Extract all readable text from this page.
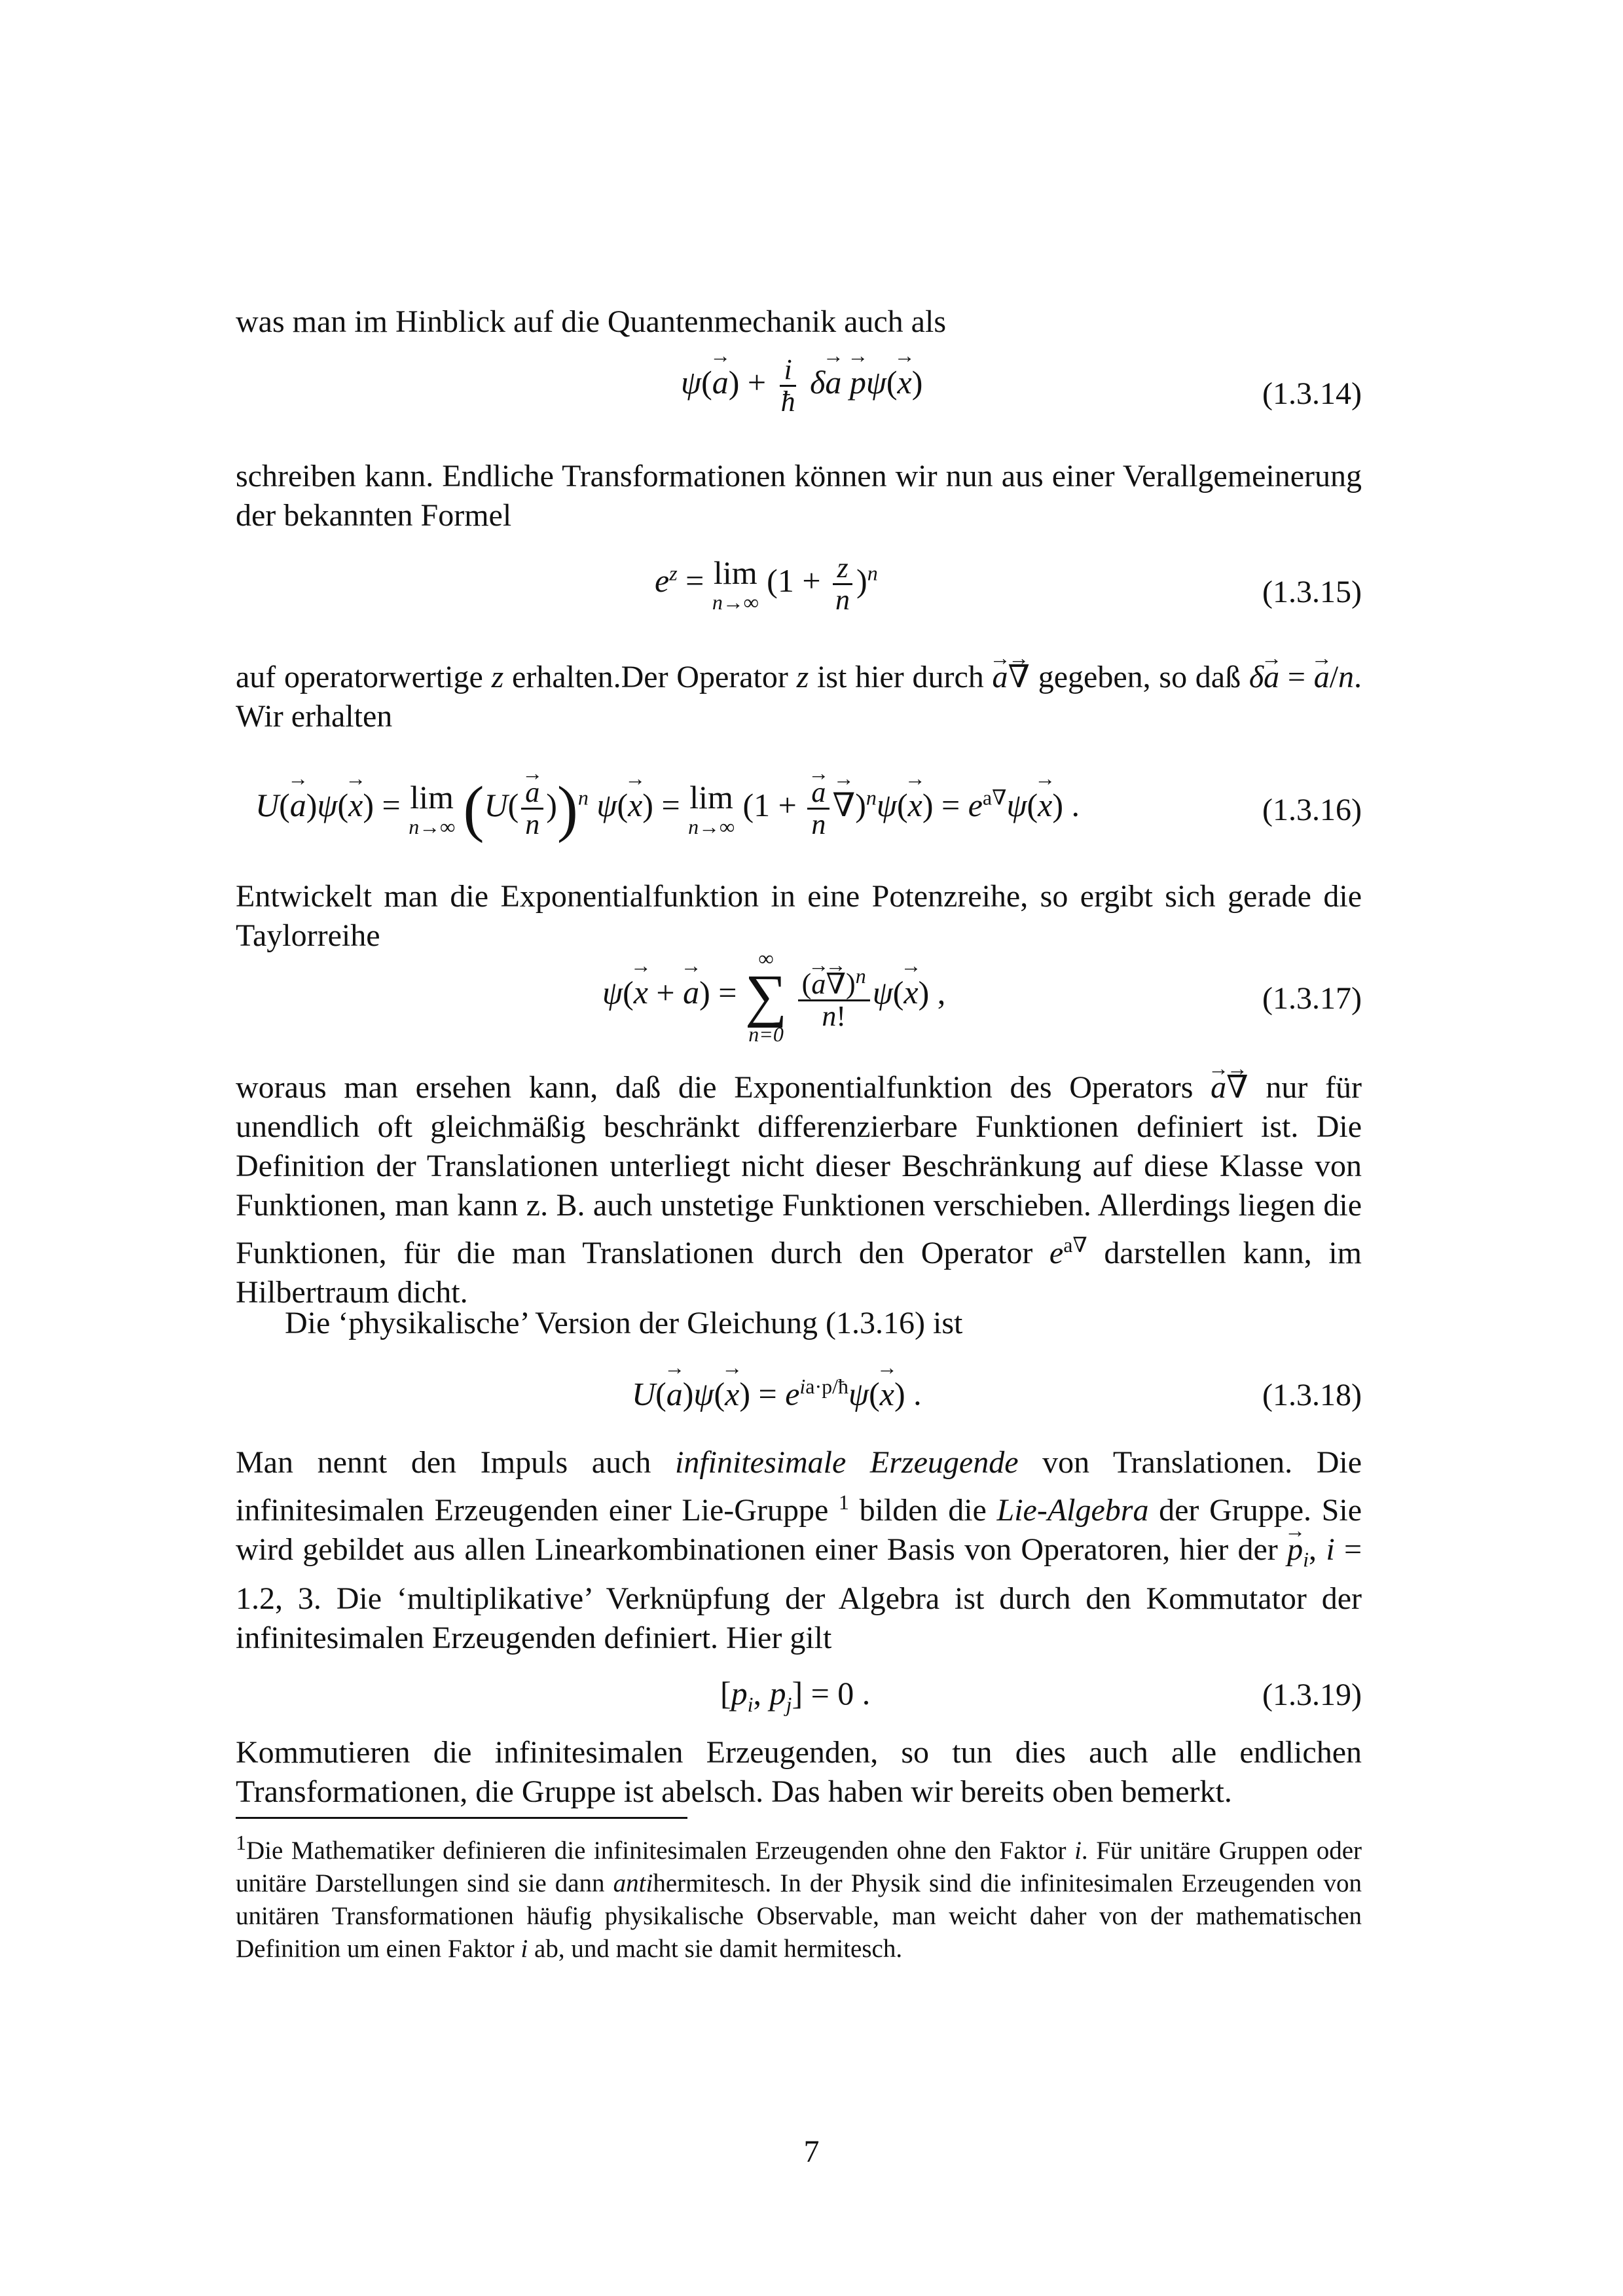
was man im Hinblick auf die Quantenmechanik auch als

ψ(a →) + $\frac{i}{ħ}$ δa → p →ψ(x →)	(1.3.14)

schreiben kann. Endliche Transformationen können wir nun aus einer Verallgemeinerung der bekannten Formel

$e^z = \lim$
n→∞
$(1 + \frac{z}{n} )^n$
(1.3.15)

auf operatorwertige z erhalten.Der Operator z ist hier durch a →∇ → gegeben, so daß δa → = a →/n. Wir erhalten

U(a →)ψ(x →) = lim
n→∞ $(U( \frac{a \to}{n} ))^n$ ψ(x →) = lim
n→∞
($1 + \frac{a \to}{n}$ ∇ →)$^n$ψ(x →) = $e^{a\nabla}\psi(x$ →) .	(1.3.16)

Entwickelt man die Exponentialfunktion in eine Potenzreihe, so ergibt sich gerade die Taylorreihe

ψ(x → + a →) =
∞
∑
n=0

$\frac{(a \to\nabla \to)^n}{n!} \psi(x$ →) ,	(1.3.17)

woraus man ersehen kann, daß die Exponentialfunktion des Operators a →∇ → nur für unendlich oft gleichmäßig beschränkt differenzierbare Funktionen definiert ist. Die Definition der Translationen unterliegt nicht dieser Beschränkung auf diese Klasse von Funktionen, man kann z. B. auch unstetige Funktionen verschieben. Allerdings liegen die Funktionen, für die man Translationen durch den Operator $e^{a\nabla}$ darstellen kann, im Hilbertraum dicht.

Die ‘physikalische’ Version der Gleichung (1.3.16) ist

U(a →)ψ(x →) = $e^{ia\cdot p/ħ}\psi(x$ →) .	(1.3.18)

Man nennt den Impuls auch infinitesimale Erzeugende von Translationen. Die infinitesimalen Erzeugenden einer Lie-Gruppe $^1$ bilden die Lie-Algebra der Gruppe. Sie wird gebildet aus allen Linearkombinationen einer Basis von Operatoren, hier der $p \to_i$, i = 1.2, 3. Die ‘multiplikative’ Verknüpfung der Algebra ist durch den Kommutator der infinitesimalen Erzeugenden definiert. Hier gilt

[$p_i$, $p_j] = 0$ .	(1.3.19)

Kommutieren die infinitesimalen Erzeugenden, so tun dies auch alle endlichen Transformationen, die Gruppe ist abelsch. Das haben wir bereits oben bemerkt.

$^1$Die Mathematiker definieren die infinitesimalen Erzeugenden ohne den Faktor i. Für unitäre Gruppen oder unitäre Darstellungen sind sie dann antihermitesch. In der Physik sind die infinitesimalen Erzeugenden von unitären Transformationen häufig physikalische Observable, man weicht daher von der mathematischen Definition um einen Faktor i ab, und macht sie damit hermitesch.

7
